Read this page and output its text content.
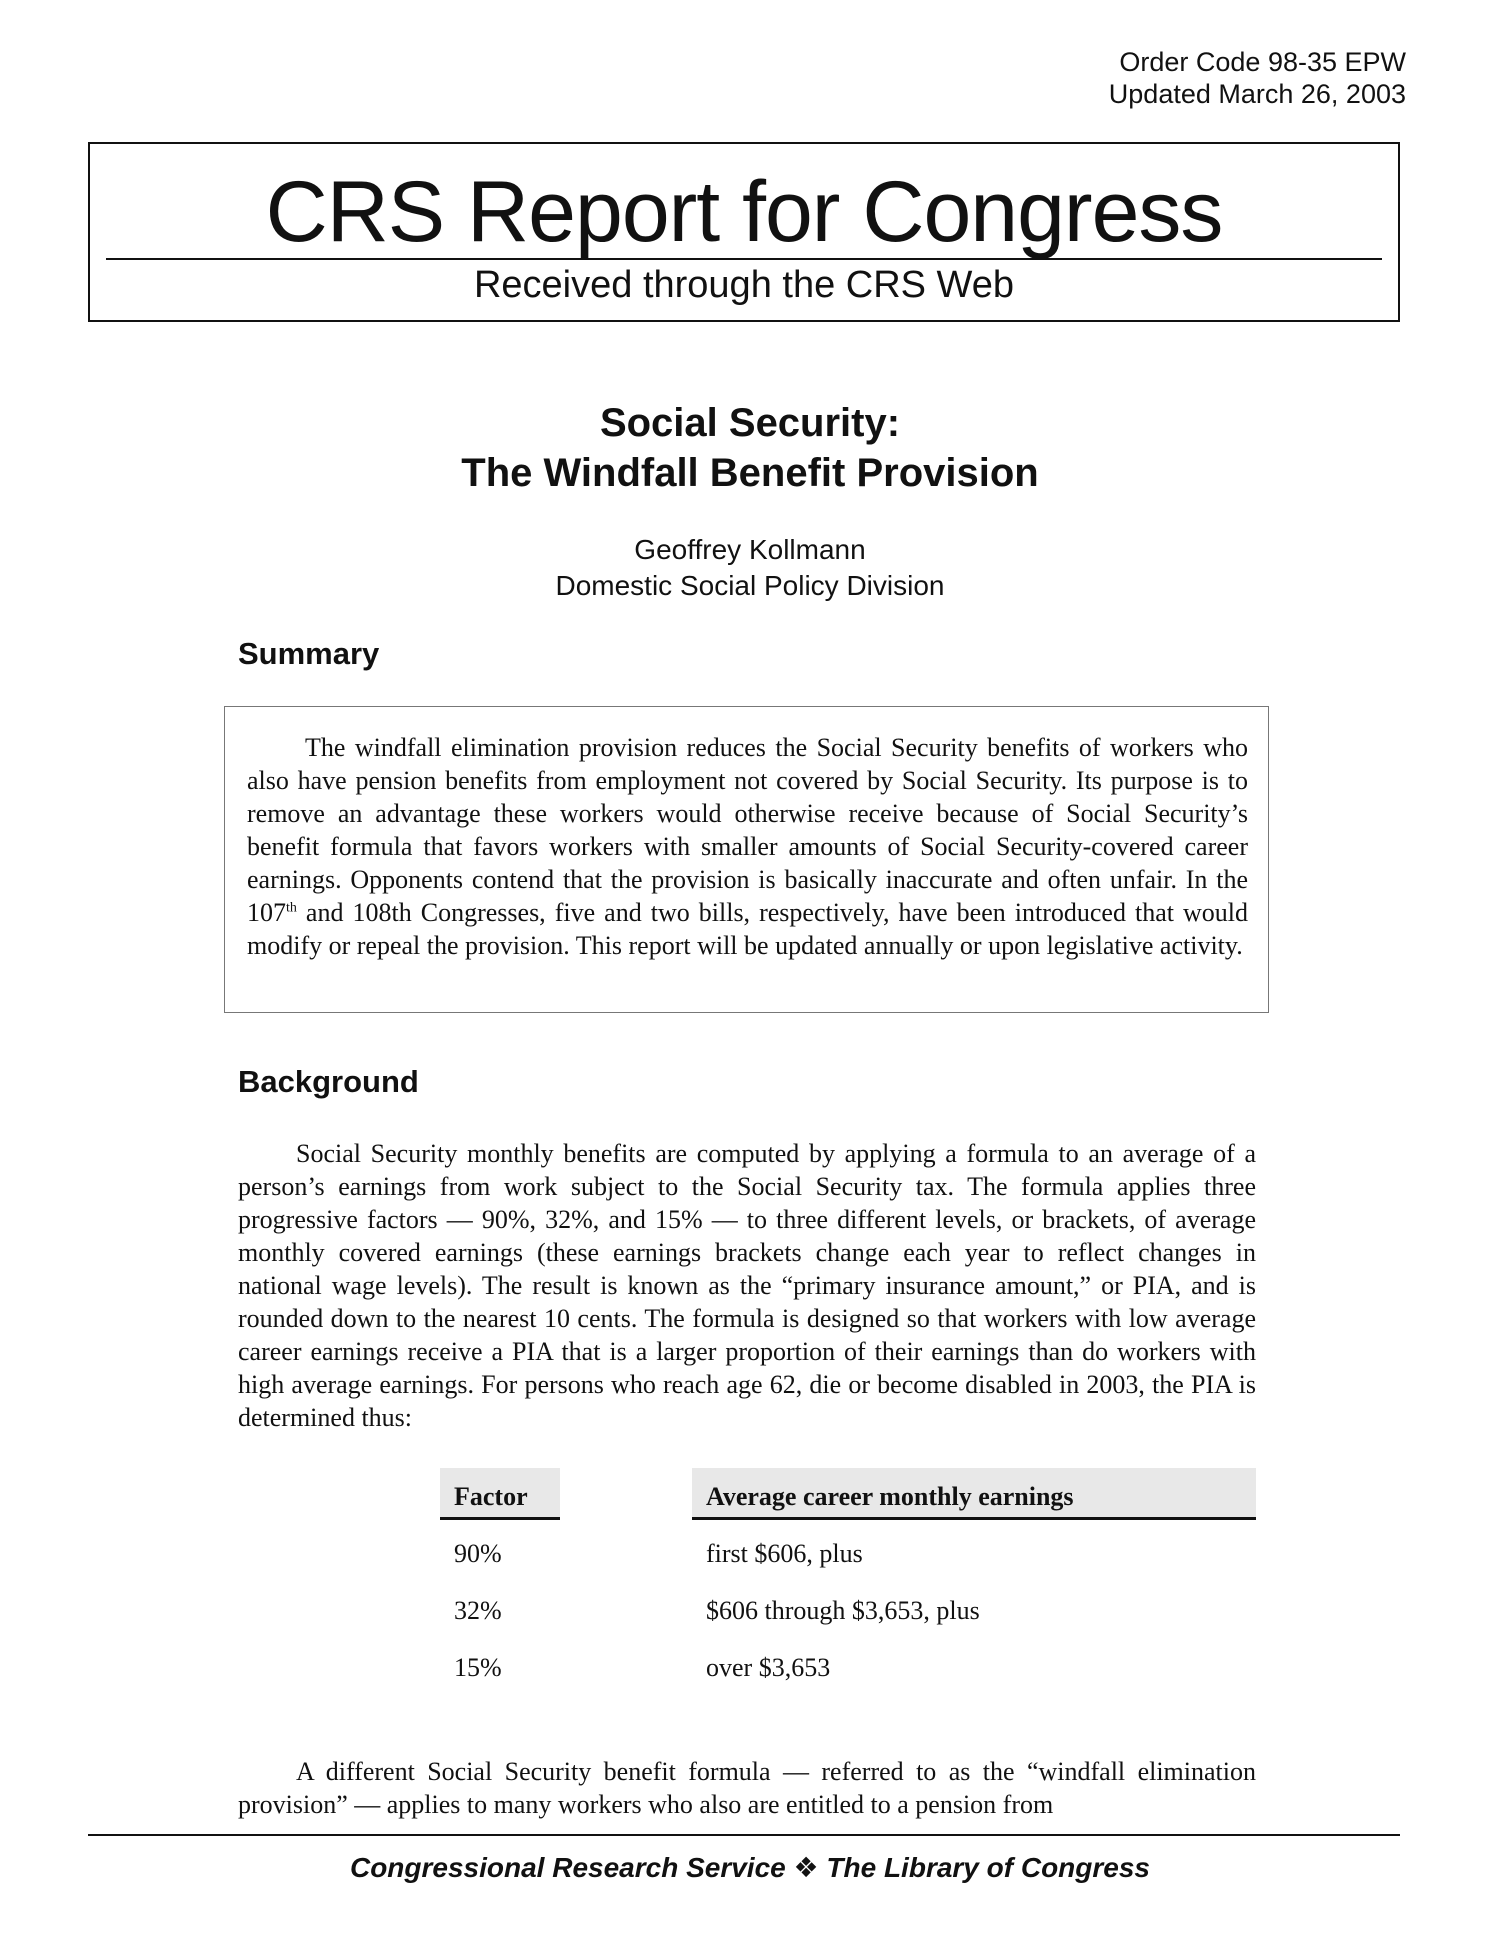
Order Code 98-35 EPW
Updated March 26, 2003
CRS Report for Congress
Received through the CRS Web
Social Security:
The Windfall Benefit Provision
Geoffrey Kollmann
Domestic Social Policy Division
Summary

The windfall elimination provision reduces the Social Security benefits of workers who also have pension benefits from employment not covered by Social Security. Its purpose is to remove an advantage these workers would otherwise receive because of Social Security’s benefit formula that favors workers with smaller amounts of Social Security-covered career earnings. Opponents contend that the provision is basically inaccurate and often unfair. In the 107th and 108th Congresses, five and two bills, respectively, have been introduced that would modify or repeal the provision. This report will be updated annually or upon legislative activity.

Background

Social Security monthly benefits are computed by applying a formula to an average of a person’s earnings from work subject to the Social Security tax. The formula applies three progressive factors — 90%, 32%, and 15% — to three different levels, or brackets, of average monthly covered earnings (these earnings brackets change each year to reflect changes in national wage levels). The result is known as the “primary insurance amount,” or PIA, and is rounded down to the nearest 10 cents. The formula is designed so that workers with low average career earnings receive a PIA that is a larger proportion of their earnings than do workers with high average earnings. For persons who reach age 62, die or become disabled in 2003, the PIA is determined thus:

Factor	Average career monthly earnings
90%	first $606, plus
32%	$606 through $3,653, plus
15%	over $3,653

A different Social Security benefit formula — referred to as the “windfall elimination provision” — applies to many workers who also are entitled to a pension from

Congressional Research Service ❖ The Library of Congress
